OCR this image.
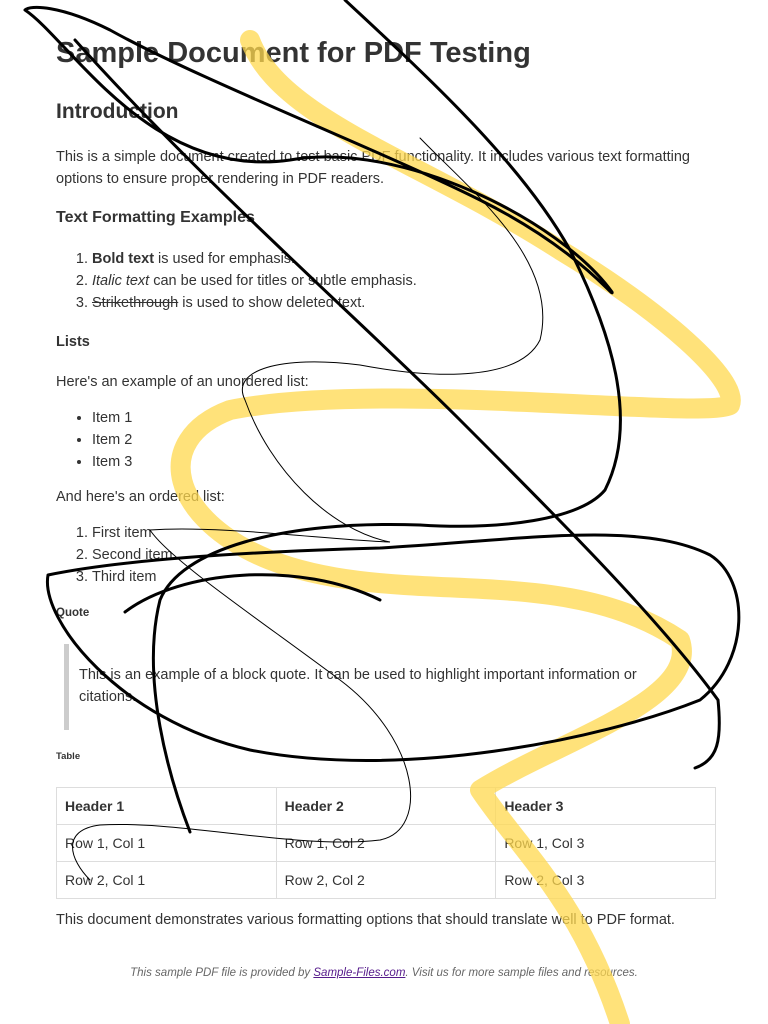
Sample Document for PDF Testing
Introduction

This is a simple document created to test basic PDF functionality. It includes various text formatting options to ensure proper rendering in PDF readers.

Text Formatting Examples
1. Bold text is used for emphasis.
2. Italic text can be used for titles or subtle emphasis.
3. Strikethrough is used to show deleted text.
Lists

Here's an example of an unordered list:

• Item 1
• Item 2
• Item 3

And here's an ordered list:

1. First item
2. Second item
3. Third item
Quote

This is an example of a block quote. It can be used to highlight important information or citations.

Table
Header 1	Header 2	Header 3
Row 1, Col 1	Row 1, Col 2	Row 1, Col 3
Row 2, Col 1	Row 2, Col 2	Row 2, Col 3

This document demonstrates various formatting options that should translate well to PDF format.

This sample PDF file is provided by Sample-Files.com. Visit us for more sample files and resources.
